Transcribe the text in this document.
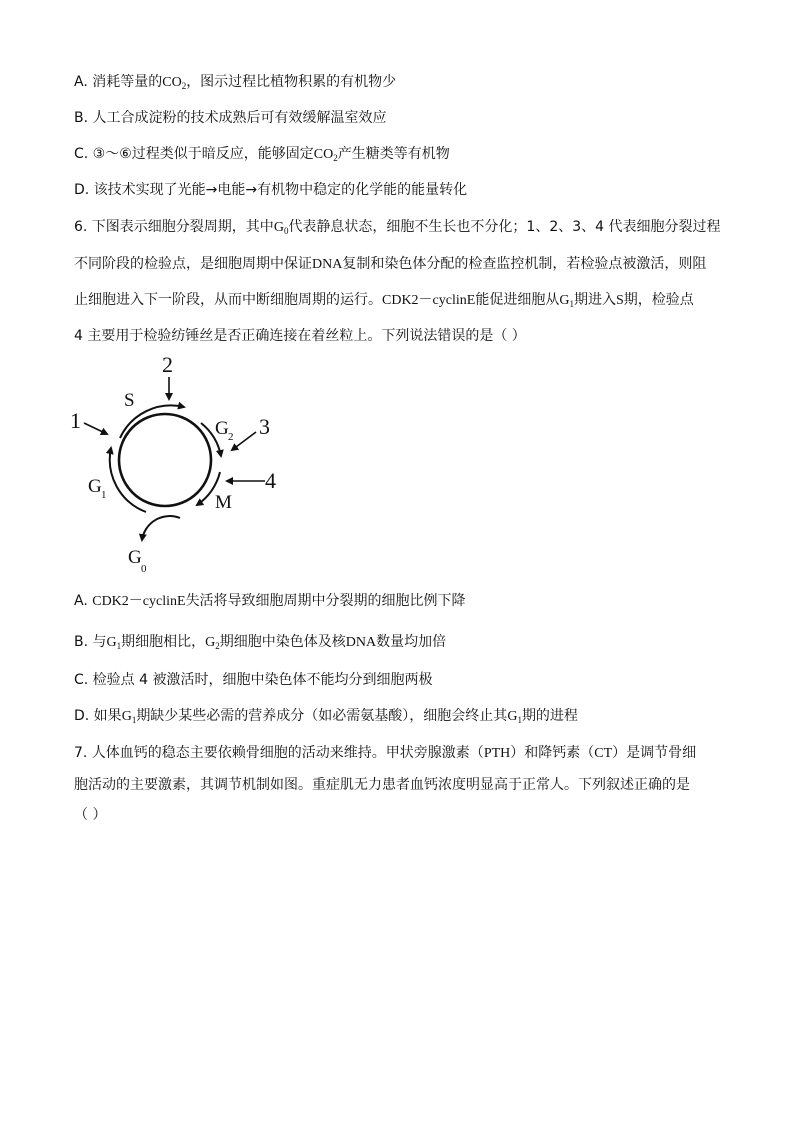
A. 消耗等量的$CO_2$，图示过程比植物积累的有机物少
B. 人工合成淀粉的技术成熟后可有效缓解温室效应
C. ③～⑥过程类似于暗反应，能够固定$CO_2$产生糖类等有机物
D. 该技术实现了光能→电能→有机物中稳定的化学能的能量转化
6. 下图表示细胞分裂周期，其中$G_0$代表静息状态，细胞不生长也不分化；1、2、3、4 代表细胞分裂过程
不同阶段的检验点，是细胞周期中保证DNA复制和染色体分配的检查监控机制，若检验点被激活，则阻
止细胞进入下一阶段，从而中断细胞周期的运行。CDK2－cyclinE能促进细胞从$G_1$期进入S期，检验点
4 主要用于检验纺锤丝是否正确连接在着丝粒上。下列说法错误的是（ ）
1
2
3
4
S
G 2
M
G 1
G
0
A. CDK2－cyclinE失活将导致细胞周期中分裂期的细胞比例下降
B. 与$G_1$期细胞相比，$G_2$期细胞中染色体及核DNA数量均加倍
C. 检验点 4 被激活时，细胞中染色体不能均分到细胞两极
D. 如果$G_1$期缺少某些必需的营养成分（如必需氨基酸），细胞会终止其$G_1$期的进程
7. 人体血钙的稳态主要依赖骨细胞的活动来维持。甲状旁腺激素（PTH）和降钙素（CT）是调节骨细
胞活动的主要激素，其调节机制如图。重症肌无力患者血钙浓度明显高于正常人。下列叙述正确的是
（ ）
